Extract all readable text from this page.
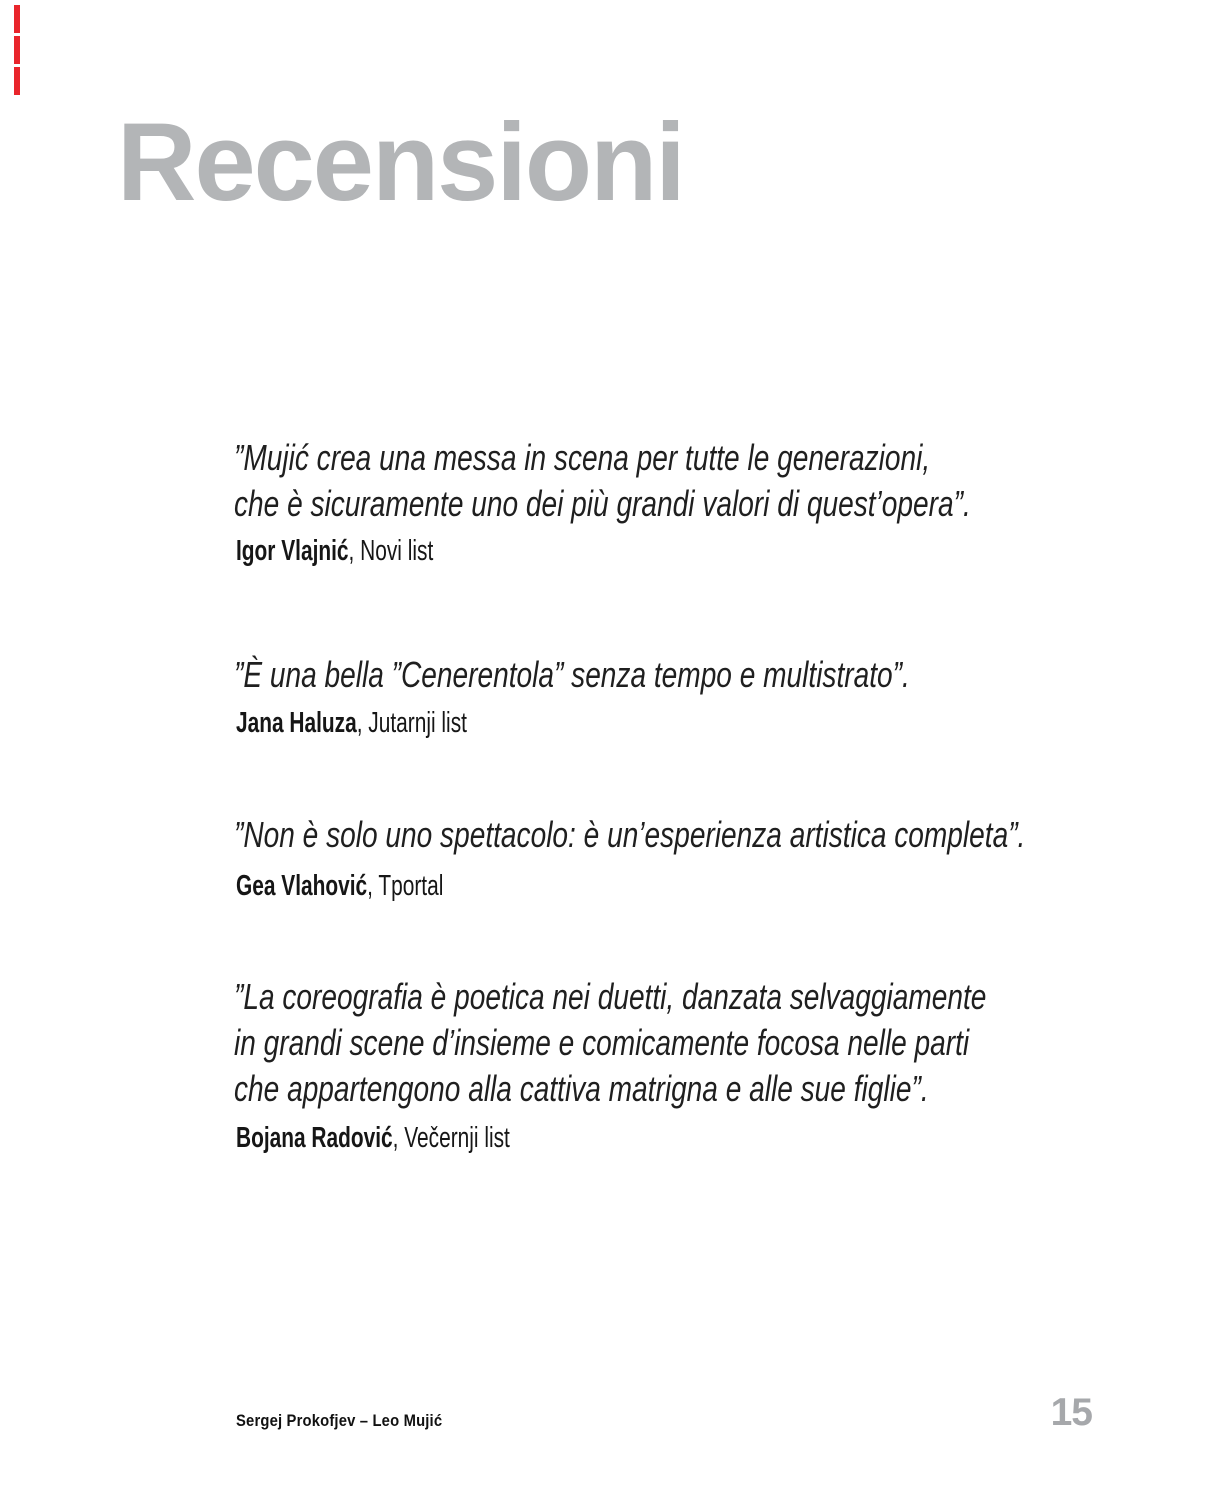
Recensioni
”Mujić crea una messa in scena per tutte le generazioni,
che è sicuramente uno dei più grandi valori di quest’opera”.
Igor Vlajnić, Novi list
”È una bella ”Cenerentola” senza tempo e multistrato”.
Jana Haluza, Jutarnji list
”Non è solo uno spettacolo: è un’esperienza artistica completa”.
Gea Vlahović, Tportal
”La coreografia è poetica nei duetti, danzata selvaggiamente
in grandi scene d’insieme e comicamente focosa nelle parti
che appartengono alla cattiva matrigna e alle sue figlie”.
Bojana Radović, Večernji list
Sergej Prokofjev – Leo Mujić	15
